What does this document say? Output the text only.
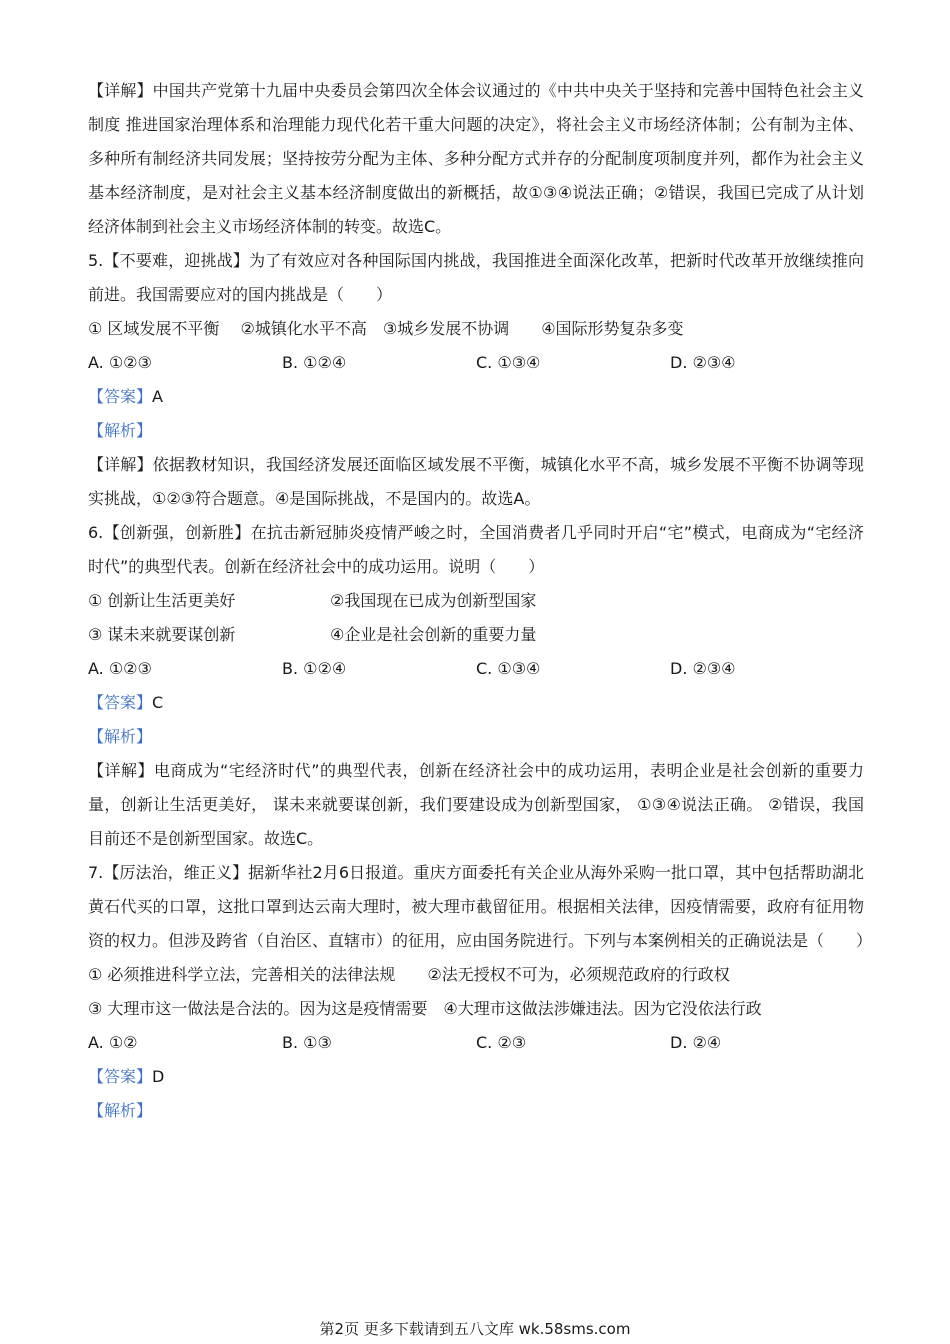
【详解】中国共产党第十九届中央委员会第四次全体会议通过的《中共中央关于坚持和完善中国特色社会主义制度 推进国家治理体系和治理能力现代化若干重大问题的决定》，将社会主义市场经济体制；公有制为主体、多种所有制经济共同发展；坚持按劳分配为主体、多种分配方式并存的分配制度项制度并列，都作为社会主义基本经济制度，是对社会主义基本经济制度做出的新概括，故①③④说法正确；②错误，我国已完成了从计划经济体制到社会主义市场经济体制的转变。故选C。

5.【不要难，迎挑战】为了有效应对各种国际国内挑战，我国推进全面深化改革，把新时代改革开放继续推向前进。我国需要应对的国内挑战是（　　）

① 区域发展不平衡　 ②城镇化水平不高　③城乡发展不协调　　④国际形势复杂多变

A. ①②③	B. ①②④	C. ①③④	D. ②③④

【答案】A

【解析】

【详解】依据教材知识，我国经济发展还面临区域发展不平衡，城镇化水平不高，城乡发展不平衡不协调等现实挑战，①②③符合题意。④是国际挑战，不是国内的。故选A。

6.【创新强，创新胜】在抗击新冠肺炎疫情严峻之时，全国消费者几乎同时开启“宅”模式，电商成为“宅经济时代”的典型代表。创新在经济社会中的成功运用。说明（　　）

① 创新让生活更美好	②我国现在已成为创新型国家
③ 谋未来就要谋创新	④企业是社会创新的重要力量
A. ①②③	B. ①②④	C. ①③④	D. ②③④

【答案】C

【解析】

【详解】电商成为“宅经济时代”的典型代表，创新在经济社会中的成功运用，表明企业是社会创新的重要力量，创新让生活更美好， 谋未来就要谋创新，我们要建设成为创新型国家， ①③④说法正确。 ②错误，我国目前还不是创新型国家。故选C。

7.【厉法治，维正义】据新华社2月6日报道。重庆方面委托有关企业从海外采购一批口罩，其中包括帮助湖北黄石代买的口罩，这批口罩到达云南大理时，被大理市截留征用。根据相关法律，因疫情需要，政府有征用物资的权力。但涉及跨省（自治区、直辖市）的征用，应由国务院进行。下列与本案例相关的正确说法是（　　）

① 必须推进科学立法，完善相关的法律法规　　②法无授权不可为，必须规范政府的行政权

③ 大理市这一做法是合法的。因为这是疫情需要　④大理市这做法涉嫌违法。因为它没依法行政

A. ①②	B. ①③	C. ②③	D. ②④

【答案】D

【解析】

第2页 更多下载请到五八文库 wk.58sms.com
